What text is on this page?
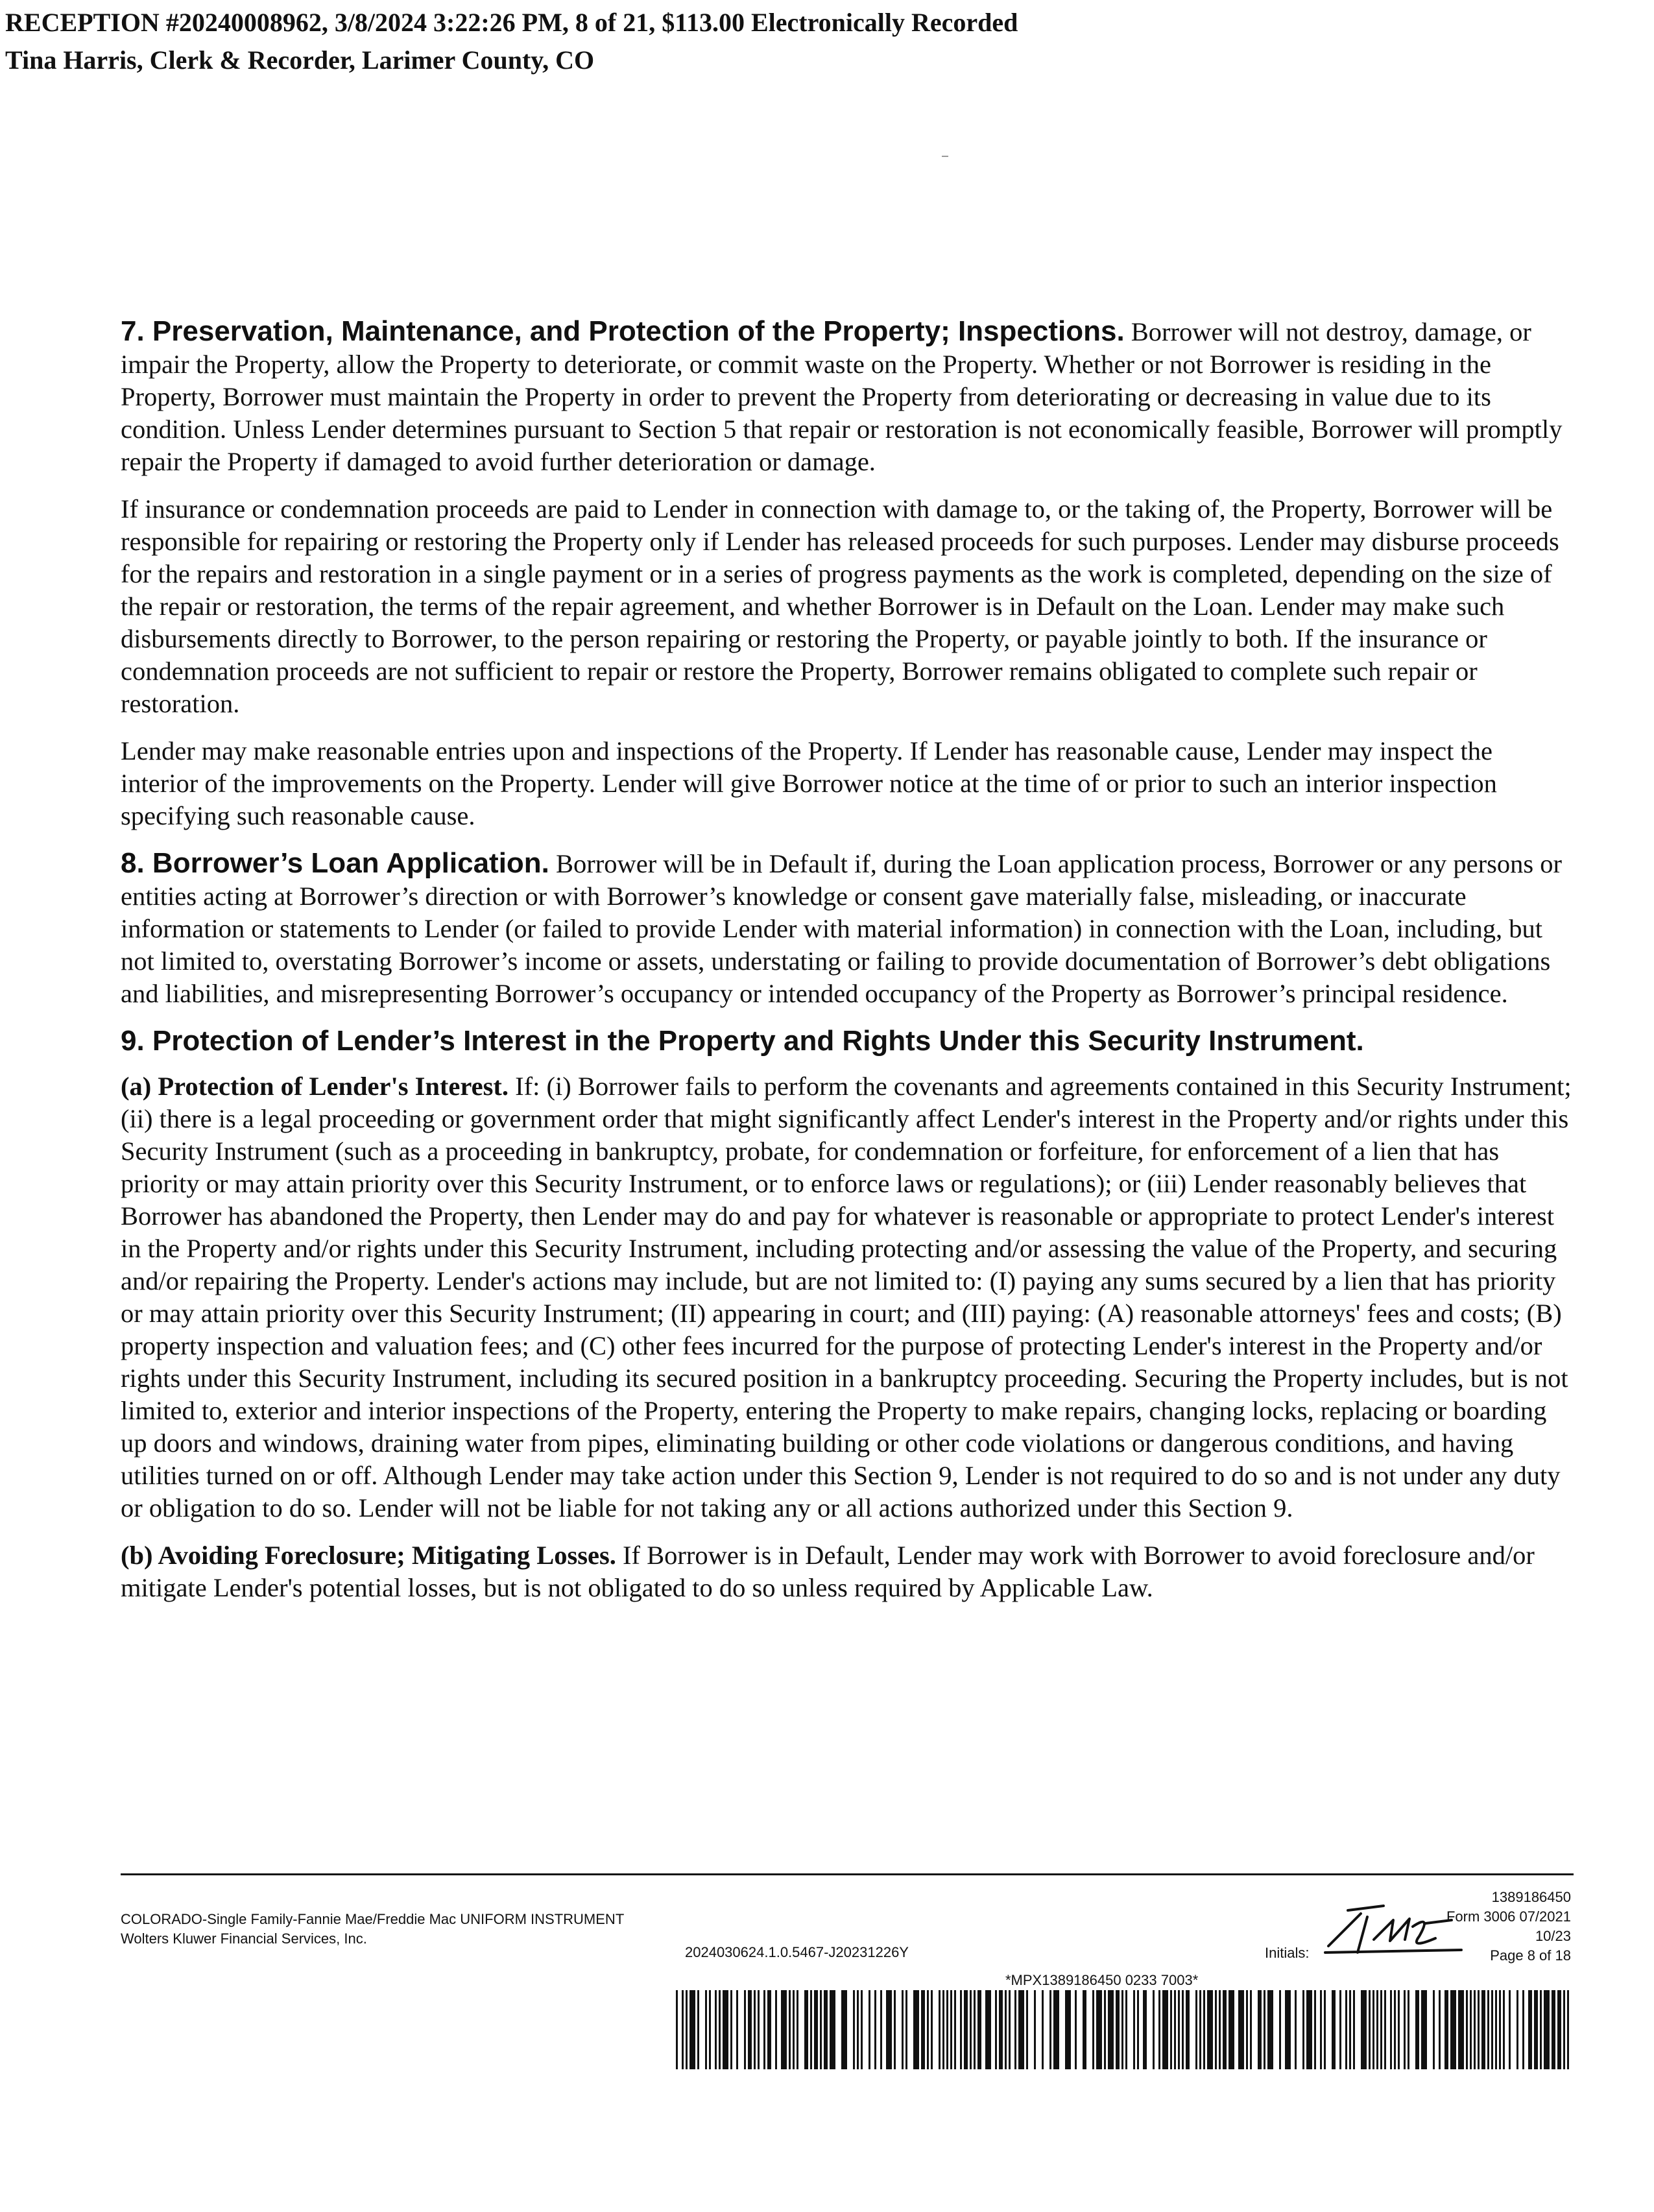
RECEPTION #20240008962, 3/8/2024 3:22:26 PM, 8 of 21, $113.00 Electronically Recorded
Tina Harris, Clerk & Recorder, Larimer County, CO

7. Preservation, Maintenance, and Protection of the Property; Inspections. Borrower will not destroy, damage, or impair the Property, allow the Property to deteriorate, or commit waste on the Property. Whether or not Borrower is residing in the Property, Borrower must maintain the Property in order to prevent the Property from deteriorating or decreasing in value due to its condition. Unless Lender determines pursuant to Section 5 that repair or restoration is not economically feasible, Borrower will promptly repair the Property if damaged to avoid further deterioration or damage.

If insurance or condemnation proceeds are paid to Lender in connection with damage to, or the taking of, the Property, Borrower will be responsible for repairing or restoring the Property only if Lender has released proceeds for such purposes. Lender may disburse proceeds for the repairs and restoration in a single payment or in a series of progress payments as the work is completed, depending on the size of the repair or restoration, the terms of the repair agreement, and whether Borrower is in Default on the Loan. Lender may make such disbursements directly to Borrower, to the person repairing or restoring the Property, or payable jointly to both. If the insurance or condemnation proceeds are not sufficient to repair or restore the Property, Borrower remains obligated to complete such repair or restoration.

Lender may make reasonable entries upon and inspections of the Property. If Lender has reasonable cause, Lender may inspect the interior of the improvements on the Property. Lender will give Borrower notice at the time of or prior to such an interior inspection specifying such reasonable cause.

8. Borrower’s Loan Application. Borrower will be in Default if, during the Loan application process, Borrower or any persons or entities acting at Borrower’s direction or with Borrower’s knowledge or consent gave materially false, misleading, or inaccurate information or statements to Lender (or failed to provide Lender with material information) in connection with the Loan, including, but not limited to, overstating Borrower’s income or assets, understating or failing to provide documentation of Borrower’s debt obligations and liabilities, and misrepresenting Borrower’s occupancy or intended occupancy of the Property as Borrower’s principal residence.

9. Protection of Lender’s Interest in the Property and Rights Under this Security Instrument.

(a) Protection of Lender's Interest. If: (i) Borrower fails to perform the covenants and agreements contained in this Security Instrument; (ii) there is a legal proceeding or government order that might significantly affect Lender's interest in the Property and/or rights under this Security Instrument (such as a proceeding in bankruptcy, probate, for condemnation or forfeiture, for enforcement of a lien that has priority or may attain priority over this Security Instrument, or to enforce laws or regulations); or (iii) Lender reasonably believes that Borrower has abandoned the Property, then Lender may do and pay for whatever is reasonable or appropriate to protect Lender's interest in the Property and/or rights under this Security Instrument, including protecting and/or assessing the value of the Property, and securing and/or repairing the Property. Lender's actions may include, but are not limited to: (I) paying any sums secured by a lien that has priority or may attain priority over this Security Instrument; (II) appearing in court; and (III) paying: (A) reasonable attorneys' fees and costs; (B) property inspection and valuation fees; and (C) other fees incurred for the purpose of protecting Lender's interest in the Property and/or rights under this Security Instrument, including its secured position in a bankruptcy proceeding. Securing the Property includes, but is not limited to, exterior and interior inspections of the Property, entering the Property to make repairs, changing locks, replacing or boarding up doors and windows, draining water from pipes, eliminating building or other code violations or dangerous conditions, and having utilities turned on or off. Although Lender may take action under this Section 9, Lender is not required to do so and is not under any duty or obligation to do so. Lender will not be liable for not taking any or all actions authorized under this Section 9.

(b) Avoiding Foreclosure; Mitigating Losses. If Borrower is in Default, Lender may work with Borrower to avoid foreclosure and/or mitigate Lender's potential losses, but is not obligated to do so unless required by Applicable Law.

COLORADO-Single Family-Fannie Mae/Freddie Mac UNIFORM INSTRUMENT
Wolters Kluwer Financial Services, Inc.
2024030624.1.0.5467-J20231226Y
1389186450
Form 3006 07/2021
10/23
Page 8 of 18
Initials:
*MPX1389186450 0233 7003*
